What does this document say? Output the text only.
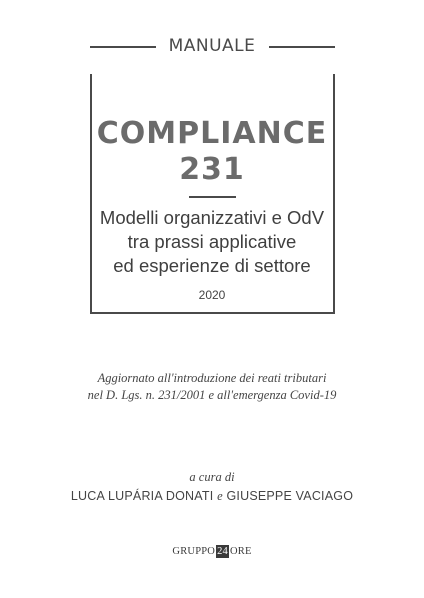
MANUALE
COMPLIANCE
231
Modelli organizzativi e OdV
tra prassi applicative
ed esperienze di settore
2020
Aggiornato all'introduzione dei reati tributari
nel D. Lgs. n. 231/2001 e all'emergenza Covid-19
a cura di
LUCA LUPÁRIA DONATI e GIUSEPPE VACIAGO
GRUPPO 24 ORE
